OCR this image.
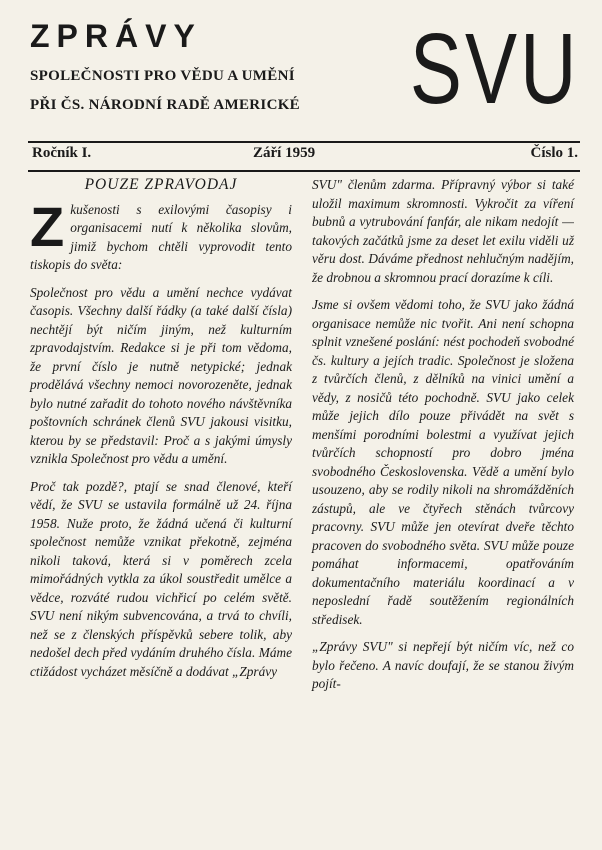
ZPRÁVY
SPOLEČNOSTI PRO VĚDU A UMĚNÍ
PŘI ČS. NÁRODNÍ RADĚ AMERICKÉ SVU
Ročník I.	Září 1959	Číslo 1.
POUZE ZPRAVODAJ

Zkušenosti s exilovými časopisy i organisacemi nutí k několika slovům, jimiž bychom chtěli vyprovodit tento tiskopis do světa:

Společnost pro vědu a umění nechce vydávat časopis. Všechny další řádky (a také další čísla) nechtějí být ničím jiným, než kulturním zpravodajstvím. Redakce si je při tom vědoma, že první číslo je nutně netypické; jednak prodělává všechny nemoci novorozeněte, jednak bylo nutné zařadit do tohoto nového návštěvníka poštovních schránek členů SVU jakousi visitku, kterou by se představil: Proč a s jakými úmysly vznikla Společnost pro vědu a umění.

Proč tak pozdě?, ptají se snad členové, kteří vědí, že SVU se ustavila formálně už 24. října 1958. Nuže proto, že žádná učená či kulturní společnost nemůže vznikat překotně, zejména nikoli taková, která si v poměrech zcela mimořádných vytkla za úkol soustředit umělce a vědce, rozváté rudou vichřicí po celém světě. SVU není nikým subvencována, a trvá to chvíli, než se z členských příspěvků sebere tolik, aby nedošel dech před vydáním druhého čísla. Máme ctižádost vycházet měsíčně a dodávat „Zprávy

SVU" členům zdarma. Přípravný výbor si také uložil maximum skromnosti. Vykročit za víření bubnů a vytrubování fanfár, ale nikam nedojít — takových začátků jsme za deset let exilu viděli už věru dost. Dáváme přednost nehlučným nadějím, že drobnou a skromnou prací dorazíme k cíli.

Jsme si ovšem vědomi toho, že SVU jako žádná organisace nemůže nic tvořit. Ani není schopna splnit vznešené poslání: nést pochodeň svobodné čs. kultury a jejích tradic. Společnost je složena z tvůrčích členů, z dělníků na vinici umění a vědy, z nosičů této pochodně. SVU jako celek může jejich dílo pouze přivádět na svět s menšími porodními bolestmi a využívat jejich tvůrčích schopností pro dobro jména svobodného Československa. Vědě a umění bylo usouzeno, aby se rodily nikoli na shromážděních zástupů, ale ve čtyřech stěnách tvůrcovy pracovny. SVU může jen otevírat dveře těchto pracoven do svobodného světa. SVU může pouze pomáhat informacemi, opatřováním dokumentačního materiálu koordinací a v neposlední řadě soutěžením regionálních středisek.

„Zprávy SVU" si nepřejí být ničím víc, než co bylo řečeno. A navíc doufají, že se stanou živým pojít-
